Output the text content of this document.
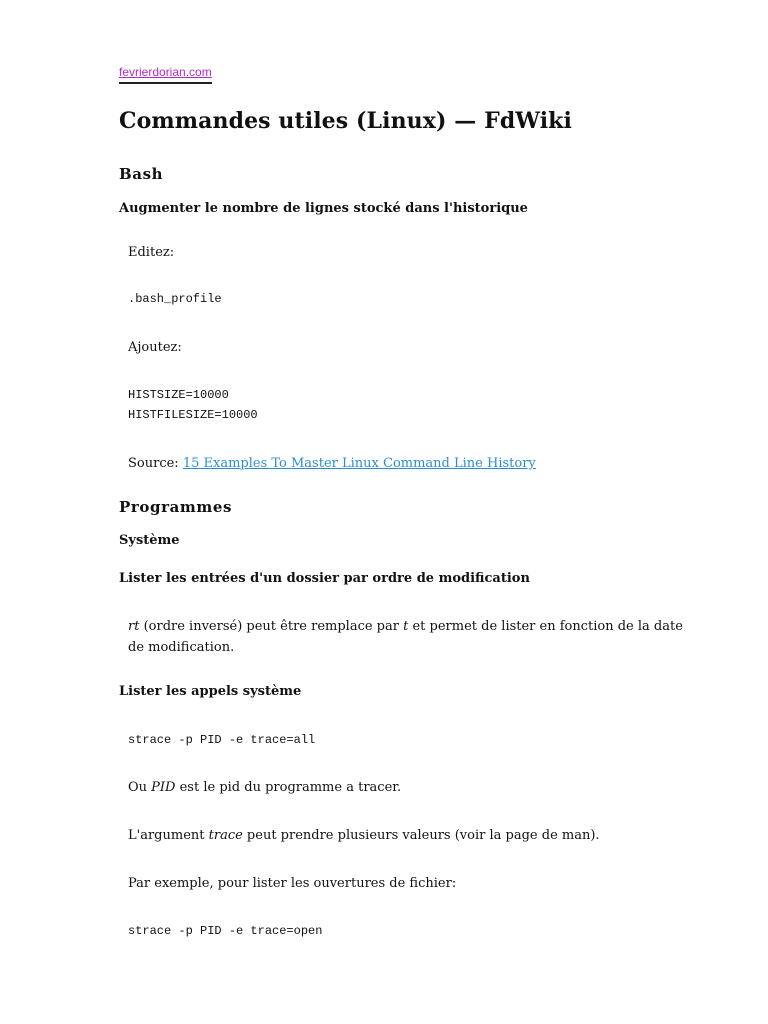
fevrierdorian.com
Commandes utiles (Linux) — FdWiki
Bash
Augmenter le nombre de lignes stocké dans l'historique

Editez:

.bash_profile

Ajoutez:

HISTSIZE=10000
HISTFILESIZE=10000

Source: 15 Examples To Master Linux Command Line History

Programmes
Système
Lister les entrées d'un dossier par ordre de modification

rt (ordre inversé) peut être remplace par t et permet de lister en fonction de la date
de modification.

Lister les appels système
strace -p PID -e trace=all

Ou PID est le pid du programme a tracer.

L'argument trace peut prendre plusieurs valeurs (voir la page de man).

Par exemple, pour lister les ouvertures de fichier:

strace -p PID -e trace=open
